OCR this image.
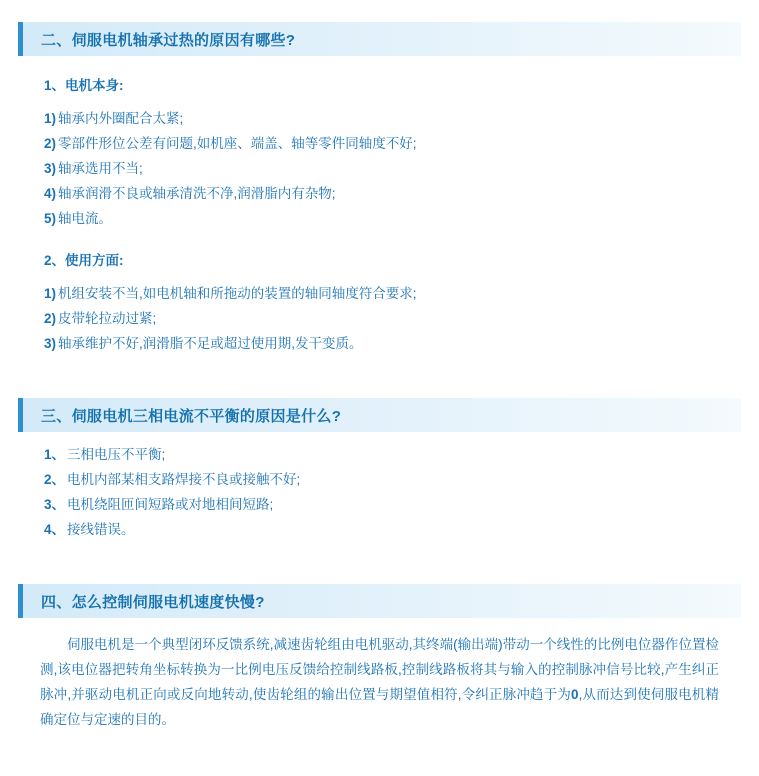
二、伺服电机轴承过热的原因有哪些?
1、电机本身:
1) 轴承内外圈配合太紧;
2) 零部件形位公差有问题,如机座、端盖、轴等零件同轴度不好;
3) 轴承选用不当;
4) 轴承润滑不良或轴承清洗不净,润滑脂内有杂物;
5) 轴电流。
2、使用方面:
1) 机组安装不当,如电机轴和所拖动的装置的轴同轴度符合要求;
2) 皮带轮拉动过紧;
3) 轴承维护不好,润滑脂不足或超过使用期,发干变质。
三、伺服电机三相电流不平衡的原因是什么?
1、 三相电压不平衡;
2、 电机内部某相支路焊接不良或接触不好;
3、 电机绕阻匝间短路或对地相间短路;
4、 接线错误。
四、怎么控制伺服电机速度快慢?
伺服电机是一个典型闭环反馈系统,减速齿轮组由电机驱动,其终端(输出端)带动一个线性的比例电位器作位置检测,该电位器把转角坐标转换为一比例电压反馈给控制线路板,控制线路板将其与输入的控制脉冲信号比较,产生纠正脉冲,并驱动电机正向或反向地转动,使齿轮组的输出位置与期望值相符,令纠正脉冲趋于为0,从而达到使伺服电机精确定位与定速的目的。
